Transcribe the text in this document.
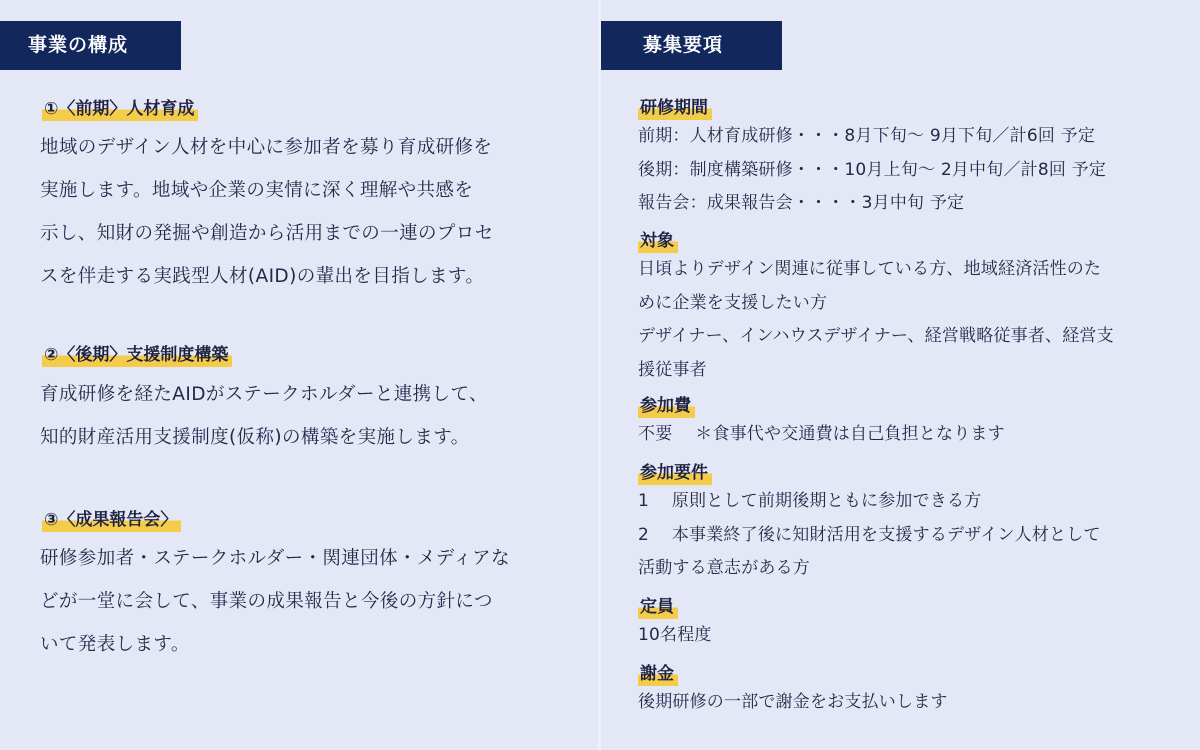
事業の構成
①〈前期〉人材育成
地域のデザイン人材を中心に参加者を募り育成研修を
実施します。地域や企業の実情に深く理解や共感を
示し、知財の発掘や創造から活用までの一連のプロセ
スを伴走する実践型人材(AID)の輩出を目指します。
②〈後期〉支援制度構築
育成研修を経たAIDがステークホルダーと連携して、
知的財産活用支援制度(仮称)の構築を実施します。
③〈成果報告会〉
研修参加者・ステークホルダー・関連団体・メディアな
どが一堂に会して、事業の成果報告と今後の方針につ
いて発表します。
募集要項
研修期間
前期：人材育成研修・・・8月下旬～ 9月下旬／計6回 予定
後期：制度構築研修・・・10月上旬～ 2月中旬／計8回 予定
報告会：成果報告会・・・・3月中旬 予定
対象
日頃よりデザイン関連に従事している方、地域経済活性のた
めに企業を支援したい方
デザイナー、インハウスデザイナー、経営戦略従事者、経営支
援従事者
参加費
不要　 ＊食事代や交通費は自己負担となります
参加要件
1　 原則として前期後期ともに参加できる方
2　 本事業終了後に知財活用を支援するデザイン人材として
活動する意志がある方
定員
10名程度
謝金
後期研修の一部で謝金をお支払いします
